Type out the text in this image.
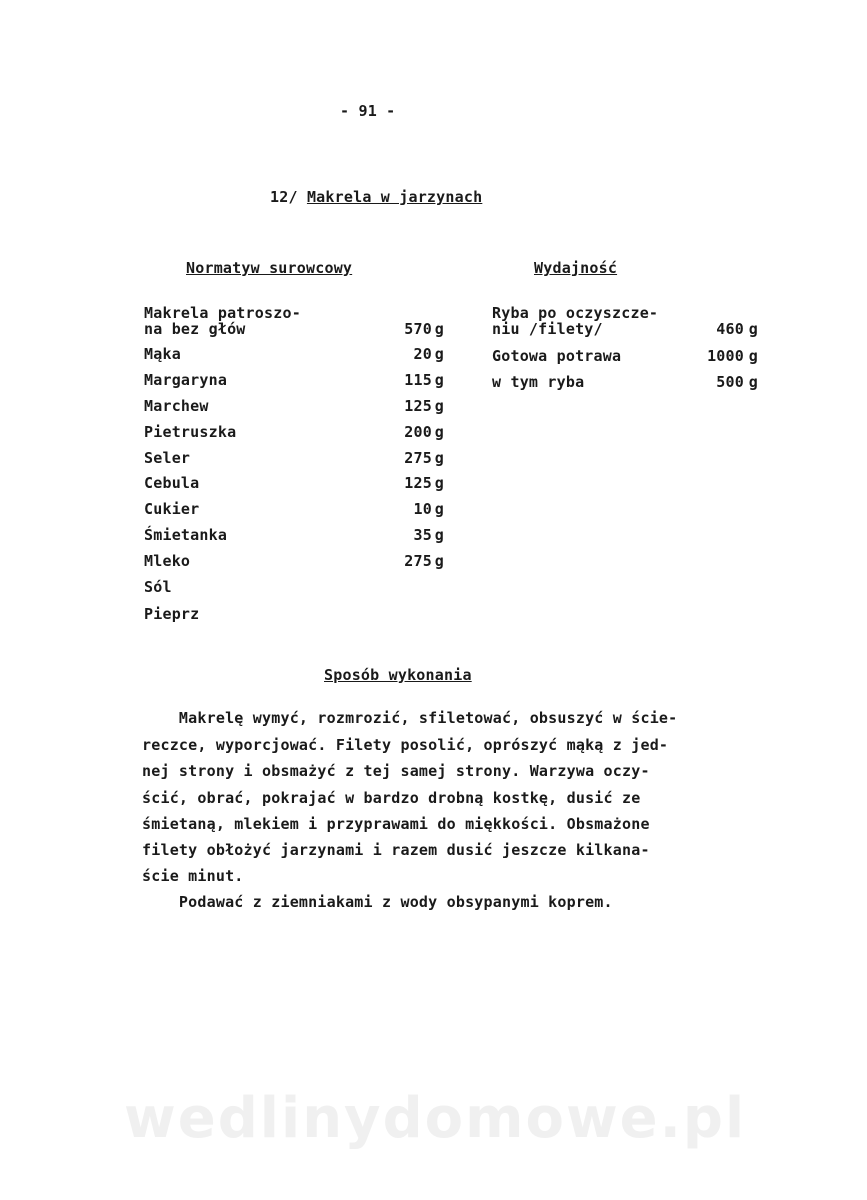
- 91 -
12/ Makrela w jarzynach
Normatyw surowcowy	Wydajność
Makrela patroszo-
na bez głów	570 g
Mąka	20 g
Margaryna	115 g
Marchew	125 g
Pietruszka	200 g
Seler	275 g
Cebula	125 g
Cukier	10 g
Śmietanka	35 g
Mleko	275 g
Sól
Pieprz
Ryba po oczyszcze-
niu /filety/	460 g
Gotowa potrawa	1000 g
w tym ryba	500 g
Sposób wykonania
Makrelę wymyć, rozmrozić, sfiletować, obsuszyć w ście-
reczce, wyporcjować. Filety posolić, oprószyć mąką z jed-
nej strony i obsmażyć z tej samej strony. Warzywa oczy-
ścić, obrać, pokrajać w bardzo drobną kostkę, dusić ze
śmietaną, mlekiem i przyprawami do miękkości. Obsmażone
filety obłożyć jarzynami i razem dusić jeszcze kilkana-
ście minut.
Podawać z ziemniakami z wody obsypanymi koprem.
wedlinydomowe.pl
